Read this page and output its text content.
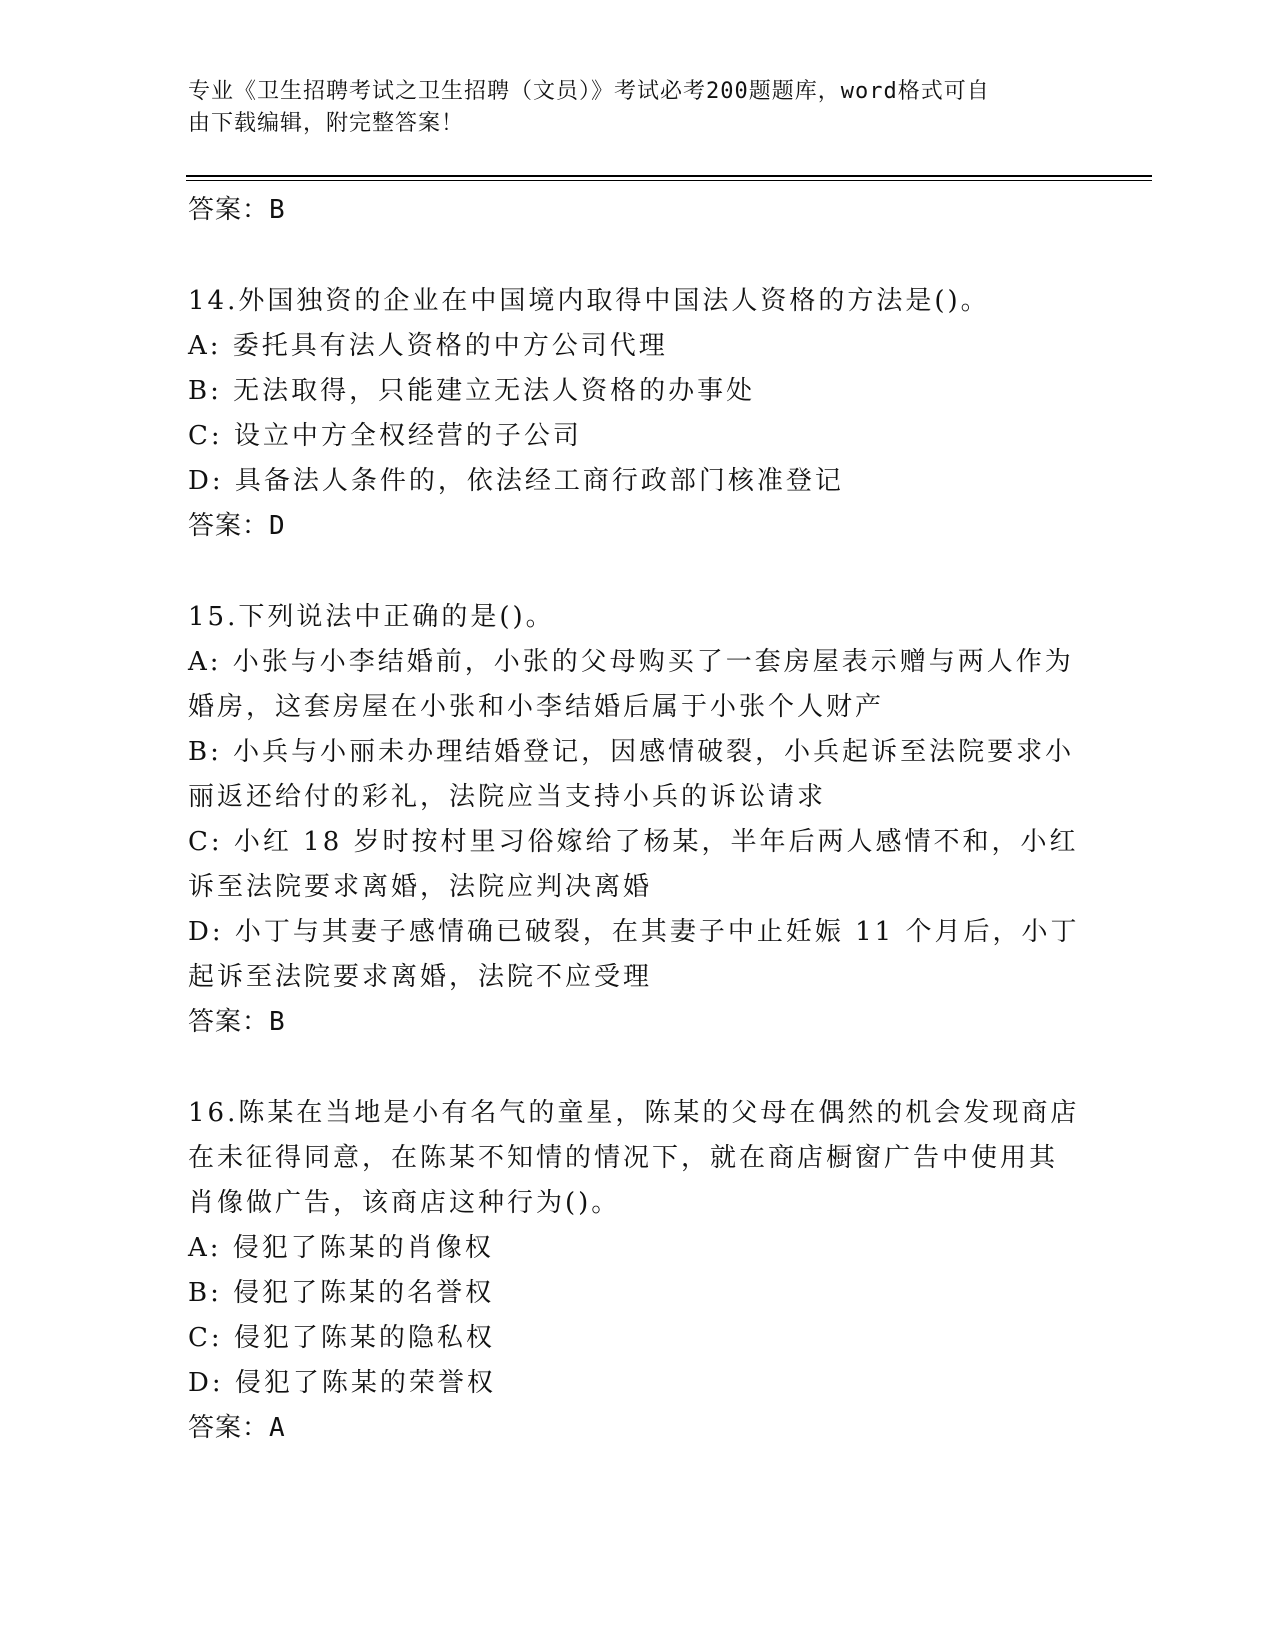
专业《卫生招聘考试之卫生招聘（文员）》考试必考200题题库，word格式可自
由下载编辑，附完整答案！
答案：B
14.外国独资的企业在中国境内取得中国法人资格的方法是()。
A: 委托具有法人资格的中方公司代理
B: 无法取得，只能建立无法人资格的办事处
C: 设立中方全权经营的子公司
D: 具备法人条件的，依法经工商行政部门核准登记
答案：D
15.下列说法中正确的是()。
A: 小张与小李结婚前，小张的父母购买了一套房屋表示赠与两人作为
婚房，这套房屋在小张和小李结婚后属于小张个人财产
B: 小兵与小丽未办理结婚登记，因感情破裂，小兵起诉至法院要求小
丽返还给付的彩礼，法院应当支持小兵的诉讼请求
C: 小红 18 岁时按村里习俗嫁给了杨某，半年后两人感情不和，小红
诉至法院要求离婚，法院应判决离婚
D: 小丁与其妻子感情确已破裂，在其妻子中止妊娠 11 个月后，小丁
起诉至法院要求离婚，法院不应受理
答案：B
16.陈某在当地是小有名气的童星，陈某的父母在偶然的机会发现商店
在未征得同意，在陈某不知情的情况下，就在商店橱窗广告中使用其
肖像做广告，该商店这种行为()。
A: 侵犯了陈某的肖像权
B: 侵犯了陈某的名誉权
C: 侵犯了陈某的隐私权
D: 侵犯了陈某的荣誉权
答案：A
